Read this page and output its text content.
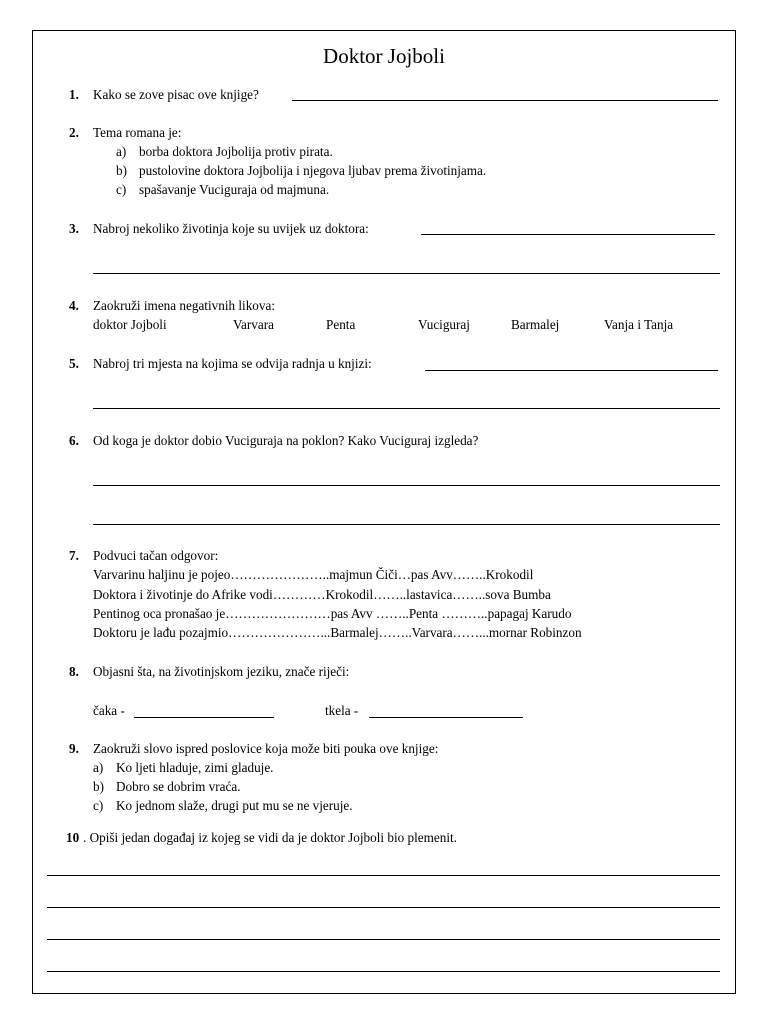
Doktor Jojboli
1. Kako se zove pisac ove knjige?
2. Tema romana je:
a) borba doktora Jojbolija protiv pirata.
b) pustolovine doktora Jojbolija i njegova ljubav prema životinjama.
c) spašavanje Vuciguraja od majmuna.
3. Nabroj nekoliko životinja koje su uvijek uz doktora:
4. Zaokruži imena negativnih likova:
doktor Jojboli	Varvara	Penta	Vuciguraj	Barmalej	Vanja i Tanja
5. Nabroj tri mjesta na kojima se odvija radnja u knjizi:
6. Od koga je doktor dobio Vuciguraja na poklon? Kako Vuciguraj izgleda?
7. Podvuci tačan odgovor:
Varvarinu haljinu je pojeo…………………..majmun Čiči…pas Avv……..Krokodil
Doktora i životinje do Afrike vodi…………Krokodil……..lastavica……..sova Bumba
Pentinog oca pronašao je……………………pas Avv ……..Penta ………..papagaj Karudo
Doktoru je lađu pozajmio…………………...Barmalej……..Varvara……...mornar Robinzon
8. Objasni šta, na životinjskom jeziku, znače riječi:
čaka -	tkela -
9. Zaokruži slovo ispred poslovice koja može biti pouka ove knjige:
a) Ko ljeti hladuje, zimi gladuje.
b) Dobro se dobrim vraća.
c) Ko jednom slaže, drugi put mu se ne vjeruje.
10 . Opiši jedan događaj iz kojeg se vidi da je doktor Jojboli bio plemenit.
